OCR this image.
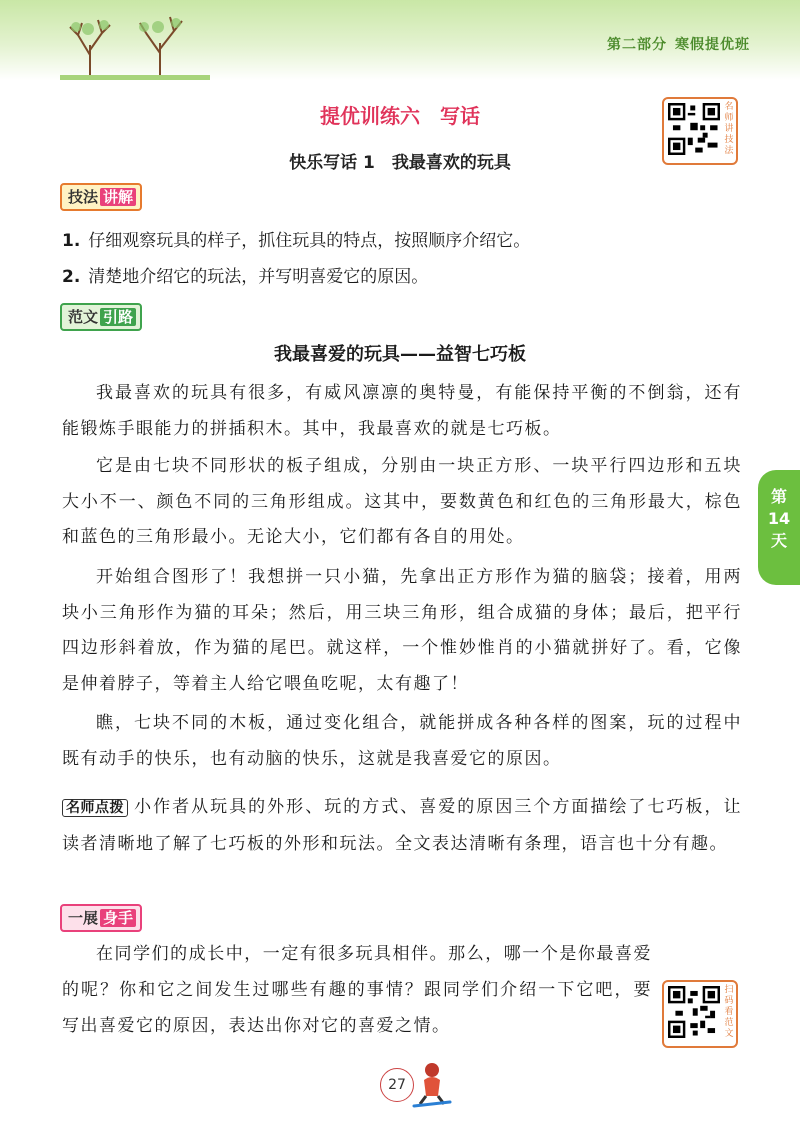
第二部分 寒假提优班
名师讲技法
提优训练六　写话
快乐写话 1　我最喜欢的玩具
技法 讲解
1. 仔细观察玩具的样子，抓住玩具的特点，按照顺序介绍它。
2. 清楚地介绍它的玩法，并写明喜爱它的原因。
范文 引路
我最喜爱的玩具——益智七巧板
我最喜欢的玩具有很多，有威风凛凛的奥特曼，有能保持平衡的不倒翁，还有能锻炼手眼能力的拼插积木。其中，我最喜欢的就是七巧板。
它是由七块不同形状的板子组成，分别由一块正方形、一块平行四边形和五块大小不一、颜色不同的三角形组成。这其中，要数黄色和红色的三角形最大，棕色和蓝色的三角形最小。无论大小，它们都有各自的用处。
开始组合图形了！我想拼一只小猫，先拿出正方形作为猫的脑袋；接着，用两块小三角形作为猫的耳朵；然后，用三块三角形，组合成猫的身体；最后，把平行四边形斜着放，作为猫的尾巴。就这样，一个惟妙惟肖的小猫就拼好了。看，它像是伸着脖子，等着主人给它喂鱼吃呢，太有趣了！
瞧，七块不同的木板，通过变化组合，就能拼成各种各样的图案，玩的过程中既有动手的快乐，也有动脑的快乐，这就是我喜爱它的原因。
名师点拨 小作者从玩具的外形、玩的方式、喜爱的原因三个方面描绘了七巧板，让读者清晰地了解了七巧板的外形和玩法。全文表达清晰有条理，语言也十分有趣。
一展 身手
在同学们的成长中，一定有很多玩具相伴。那么，哪一个是你最喜爱的呢？你和它之间发生过哪些有趣的事情？跟同学们介绍一下它吧，要写出喜爱它的原因，表达出你对它的喜爱之情。
扫码看范文
第
14
天
27
